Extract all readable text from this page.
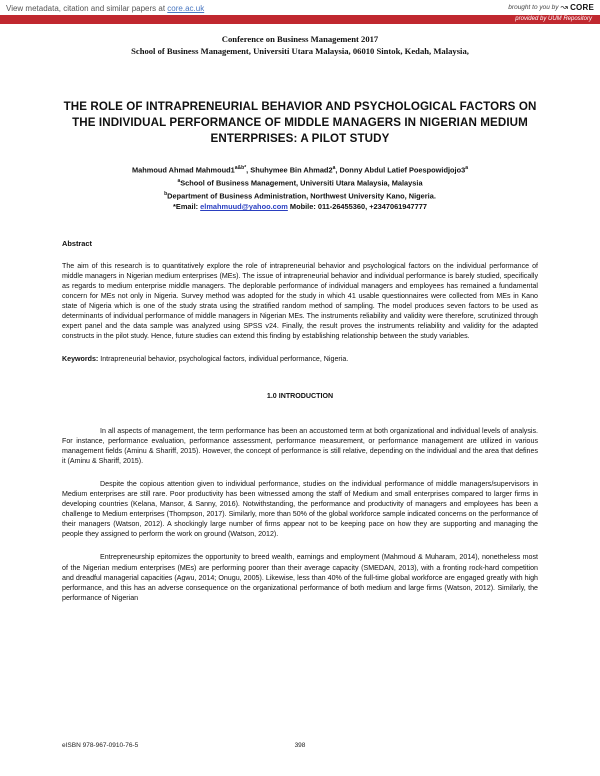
View metadata, citation and similar papers at core.ac.uk	brought to you by ↝ CORE
provided by UUM Repository
Conference on Business Management 2017
School of Business Management, Universiti Utara Malaysia, 06010 Sintok, Kedah, Malaysia,
THE ROLE OF INTRAPRENEURIAL BEHAVIOR AND PSYCHOLOGICAL FACTORS ON THE INDIVIDUAL PERFORMANCE OF MIDDLE MANAGERS IN NIGERIAN MEDIUM ENTERPRISES: A PILOT STUDY
Mahmoud Ahmad $Mahmoud1^{a\&b*}$, Shuhymee Bin Ahmad2$^a$, Donny Abdul Latief Poespowidjojo3$^a$
$^a$School of Business Management, Universiti Utara Malaysia, Malaysia
$^b$Department of Business Administration, Northwest University Kano, Nigeria.
*Email: elmahmuud@yahoo.com Mobile: 011-26455360, +2347061947777
Abstract
The aim of this research is to quantitatively explore the role of intrapreneurial behavior and psychological factors on the individual performance of middle managers in Nigerian medium enterprises (MEs). The issue of intrapreneurial behavior and individual performance is barely studied, specifically as regards to medium enterprise middle managers. The deplorable performance of individual managers and employees has remained a fundamental concern for MEs not only in Nigeria. Survey method was adopted for the study in which 41 usable questionnaires were collected from MEs in Kano state of Nigeria which is one of the study strata using the stratified random method of sampling. The model produces seven factors to be used as determinants of individual performance of middle managers in Nigerian MEs. The instruments reliability and validity were therefore, scrutinized through expert panel and the data sample was analyzed using SPSS v24. Finally, the result proves the instruments reliability and validity for the adapted constructs in the pilot study. Hence, future studies can extend this finding by establishing relationship between the study variables.
Keywords: Intrapreneurial behavior, psychological factors, individual performance, Nigeria.
1.0 INTRODUCTION
In all aspects of management, the term performance has been an accustomed term at both organizational and individual levels of analysis. For instance, performance evaluation, performance assessment, performance measurement, or performance management are utilized in various management fields (Aminu & Shariff, 2015). However, the concept of performance is still relative, depending on the individual and the area that defines it (Aminu & Shariff, 2015).
Despite the copious attention given to individual performance, studies on the individual performance of middle managers/supervisors in Medium enterprises are still rare. Poor productivity has been witnessed among the staff of Medium and small enterprises compared to larger firms in developing countries (Kelana, Mansor, & Sanny, 2016). Notwithstanding, the performance and productivity of managers and employees has been a challenge to Medium enterprises (Thompson, 2017). Similarly, more than 50% of the global workforce sample indicated concerns on the performance of their managers (Watson, 2012). A shockingly large number of firms appear not to be keeping pace on how they are supporting and managing the people they assigned to perform the work on ground (Watson, 2012).
Entrepreneurship epitomizes the opportunity to breed wealth, earnings and employment (Mahmoud & Muharam, 2014), nonetheless most of the Nigerian medium enterprises (MEs) are performing poorer than their average capacity (SMEDAN, 2013), with a fronting rock-hard competition and dreadful managerial capacities (Agwu, 2014; Onugu, 2005). Likewise, less than 40% of the full-time global workforce are engaged greatly with high performance, and this has an adverse consequence on the organizational performance of both medium and large firms (Watson, 2012). Similarly, the performance of Nigerian
eISBN 978-967-0910-76-5	398
